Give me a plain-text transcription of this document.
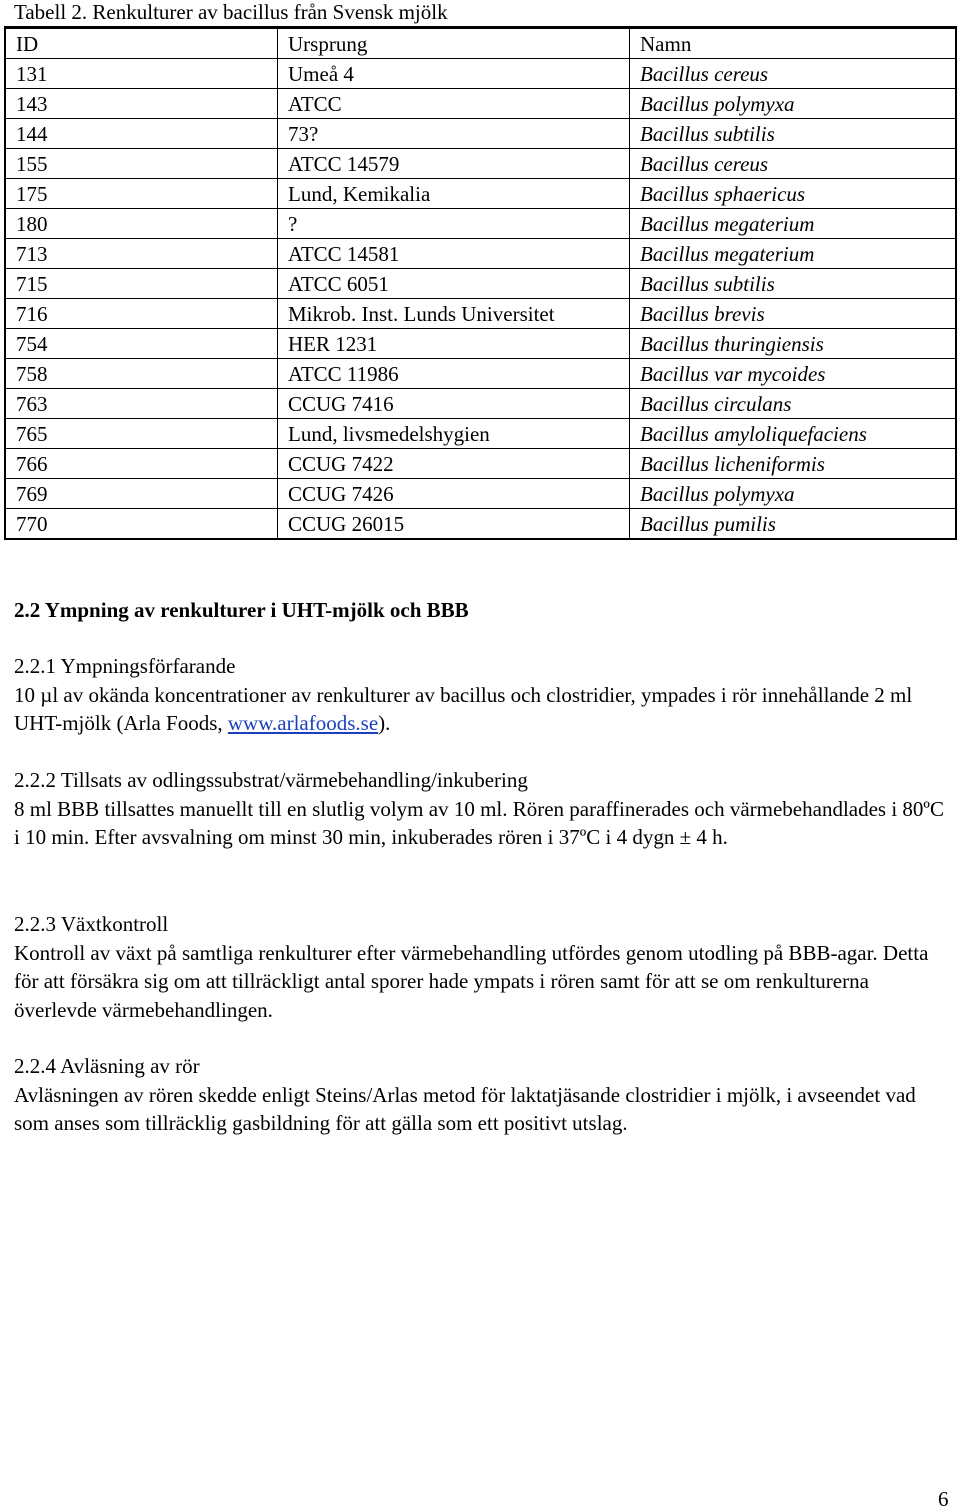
Tabell 2. Renkulturer av bacillus från Svensk mjölk
ID	Ursprung	Namn
131	Umeå 4	Bacillus cereus
143	ATCC	Bacillus polymyxa
144	73?	Bacillus subtilis
155	ATCC 14579	Bacillus cereus
175	Lund, Kemikalia	Bacillus sphaericus
180	?	Bacillus megaterium
713	ATCC 14581	Bacillus megaterium
715	ATCC 6051	Bacillus subtilis
716	Mikrob. Inst. Lunds Universitet	Bacillus brevis
754	HER 1231	Bacillus thuringiensis
758	ATCC 11986	Bacillus var mycoides
763	CCUG 7416	Bacillus circulans
765	Lund, livsmedelshygien	Bacillus amyloliquefaciens
766	CCUG 7422	Bacillus licheniformis
769	CCUG 7426	Bacillus polymyxa
770	CCUG 26015	Bacillus pumilis
2.2 Ympning av renkulturer i UHT-mjölk och BBB

2.2.1 Ympningsförfarande

10 µl av okända koncentrationer av renkulturer av bacillus och clostridier, ympades i rör innehållande 2 ml UHT-mjölk (Arla Foods, www.arlafoods.se).

2.2.2 Tillsats av odlingssubstrat/värmebehandling/inkubering

8 ml BBB tillsattes manuellt till en slutlig volym av 10 ml. Rören paraffinerades och värmebehandlades i 80ºC i 10 min. Efter avsvalning om minst 30 min, inkuberades rören i 37ºC i 4 dygn ± 4 h.

2.2.3 Växtkontroll

Kontroll av växt på samtliga renkulturer efter värmebehandling utfördes genom utodling på BBB-agar. Detta för att försäkra sig om att tillräckligt antal sporer hade ympats i rören samt för att se om renkulturerna överlevde värmebehandlingen.

2.2.4 Avläsning av rör

Avläsningen av rören skedde enligt Steins/Arlas metod för laktatjäsande clostridier i mjölk, i avseendet vad som anses som tillräcklig gasbildning för att gälla som ett positivt utslag.

6
